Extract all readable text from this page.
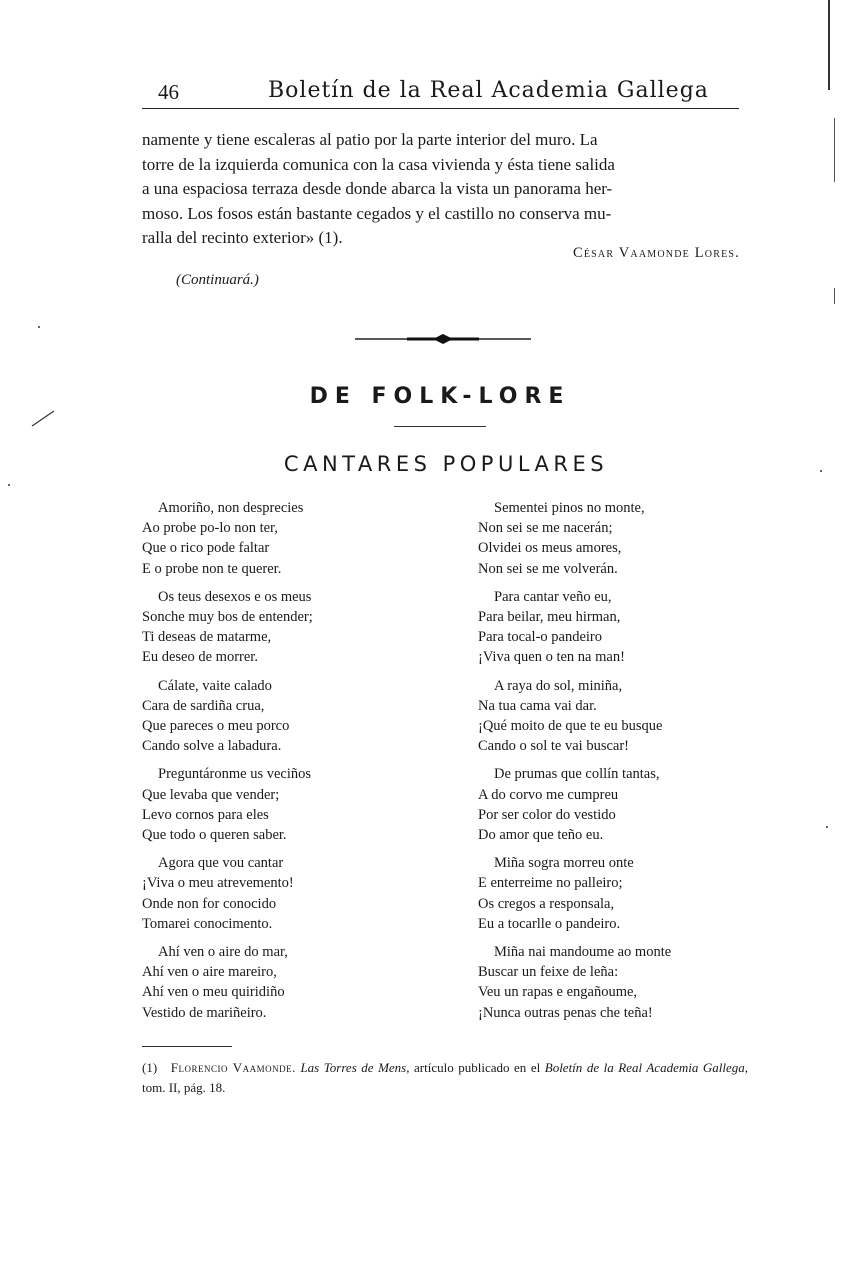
46	Boletín de la Real Academia Gallega

namente y tiene escaleras al patio por la parte interior del muro. La

torre de la izquierda comunica con la casa vivienda y ésta tiene salida

a una espaciosa terraza desde donde abarca la vista un panorama her-

moso. Los fosos están bastante cegados y el castillo no conserva mu-

ralla del recinto exterior» (1).

César Vaamonde Lores.
(Continuará.)
DE FOLK-LORE
CANTARES POPULARES
Amoriño, non desprecies
Ao probe po-lo non ter,
Que o rico pode faltar
E o probe non te querer.
Os teus desexos e os meus
Sonche muy bos de entender;
Ti deseas de matarme,
Eu deseo de morrer.
Cálate, vaite calado
Cara de sardiña crua,
Que pareces o meu porco
Cando solve a labadura.
Preguntáronme us veciños
Que levaba que vender;
Levo cornos para eles
Que todo o queren saber.
Agora que vou cantar
¡Viva o meu atrevemento!
Onde non for conocido
Tomarei conocimento.
Ahí ven o aire do mar,
Ahí ven o aire mareiro,
Ahí ven o meu quiridiño
Vestido de mariñeiro.
Sementei pinos no monte,
Non sei se me nacerán;
Olvidei os meus amores,
Non sei se me volverán.
Para cantar veño eu,
Para beilar, meu hirman,
Para tocal-o pandeiro
¡Viva quen o ten na man!
A raya do sol, miniña,
Na tua cama vai dar.
¡Qué moito de que te eu busque
Cando o sol te vai buscar!
De prumas que collín tantas,
A do corvo me cumpreu
Por ser color do vestido
Do amor que teño eu.
Miña sogra morreu onte
E enterreime no palleiro;
Os cregos a responsala,
Eu a tocarlle o pandeiro.
Miña nai mandoume ao monte
Buscar un feixe de leña:
Veu un rapas e engañoume,
¡Nunca outras penas che teña!
(1) Florencio Vaamonde. Las Torres de Mens, artículo publicado en el Boletín de la Real Academia Gallega, tom. II, pág. 18.
